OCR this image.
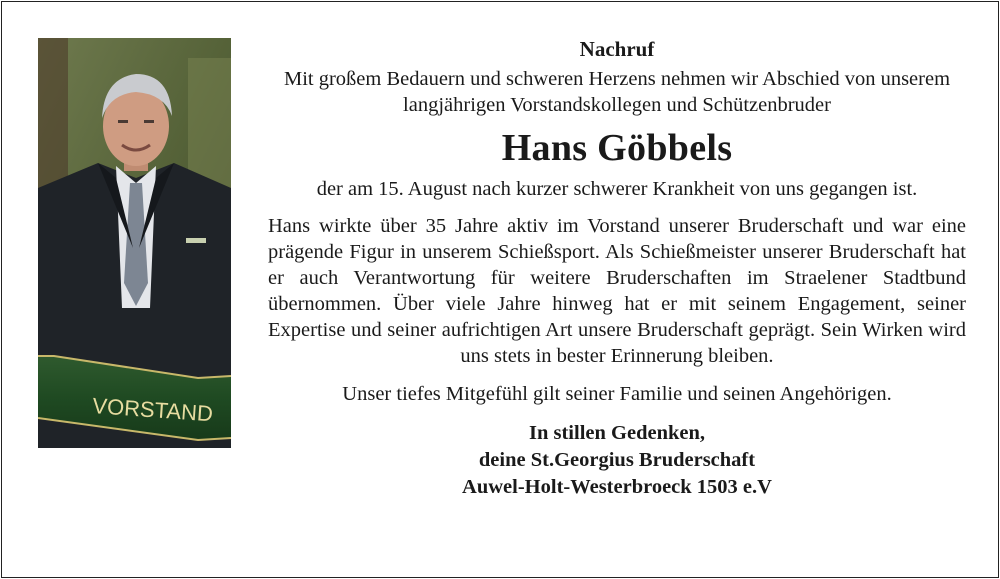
VORSTAND
Nachruf

Mit großem Bedauern und schweren Herzens nehmen wir Abschied von unserem langjährigen Vorstandskollegen und Schützenbruder

Hans Göbbels

der am 15. August nach kurzer schwerer Krankheit von uns gegangen ist.

Hans wirkte über 35 Jahre aktiv im Vorstand unserer Bruderschaft und war eine prägende Figur in unserem Schießsport. Als Schießmeister unserer Bruderschaft hat er auch Verantwortung für weitere Bruderschaften im Straelener Stadtbund übernommen. Über viele Jahre hinweg hat er mit seinem Engagement, seiner Expertise und seiner aufrichtigen Art unsere Bruderschaft geprägt. Sein Wirken wird uns stets in bester Erinnerung bleiben.

Unser tiefes Mitgefühl gilt seiner Familie und seinen Angehörigen.

In stillen Gedenken,

deine St.Georgius Bruderschaft

Auwel-Holt-Westerbroeck 1503 e.V
